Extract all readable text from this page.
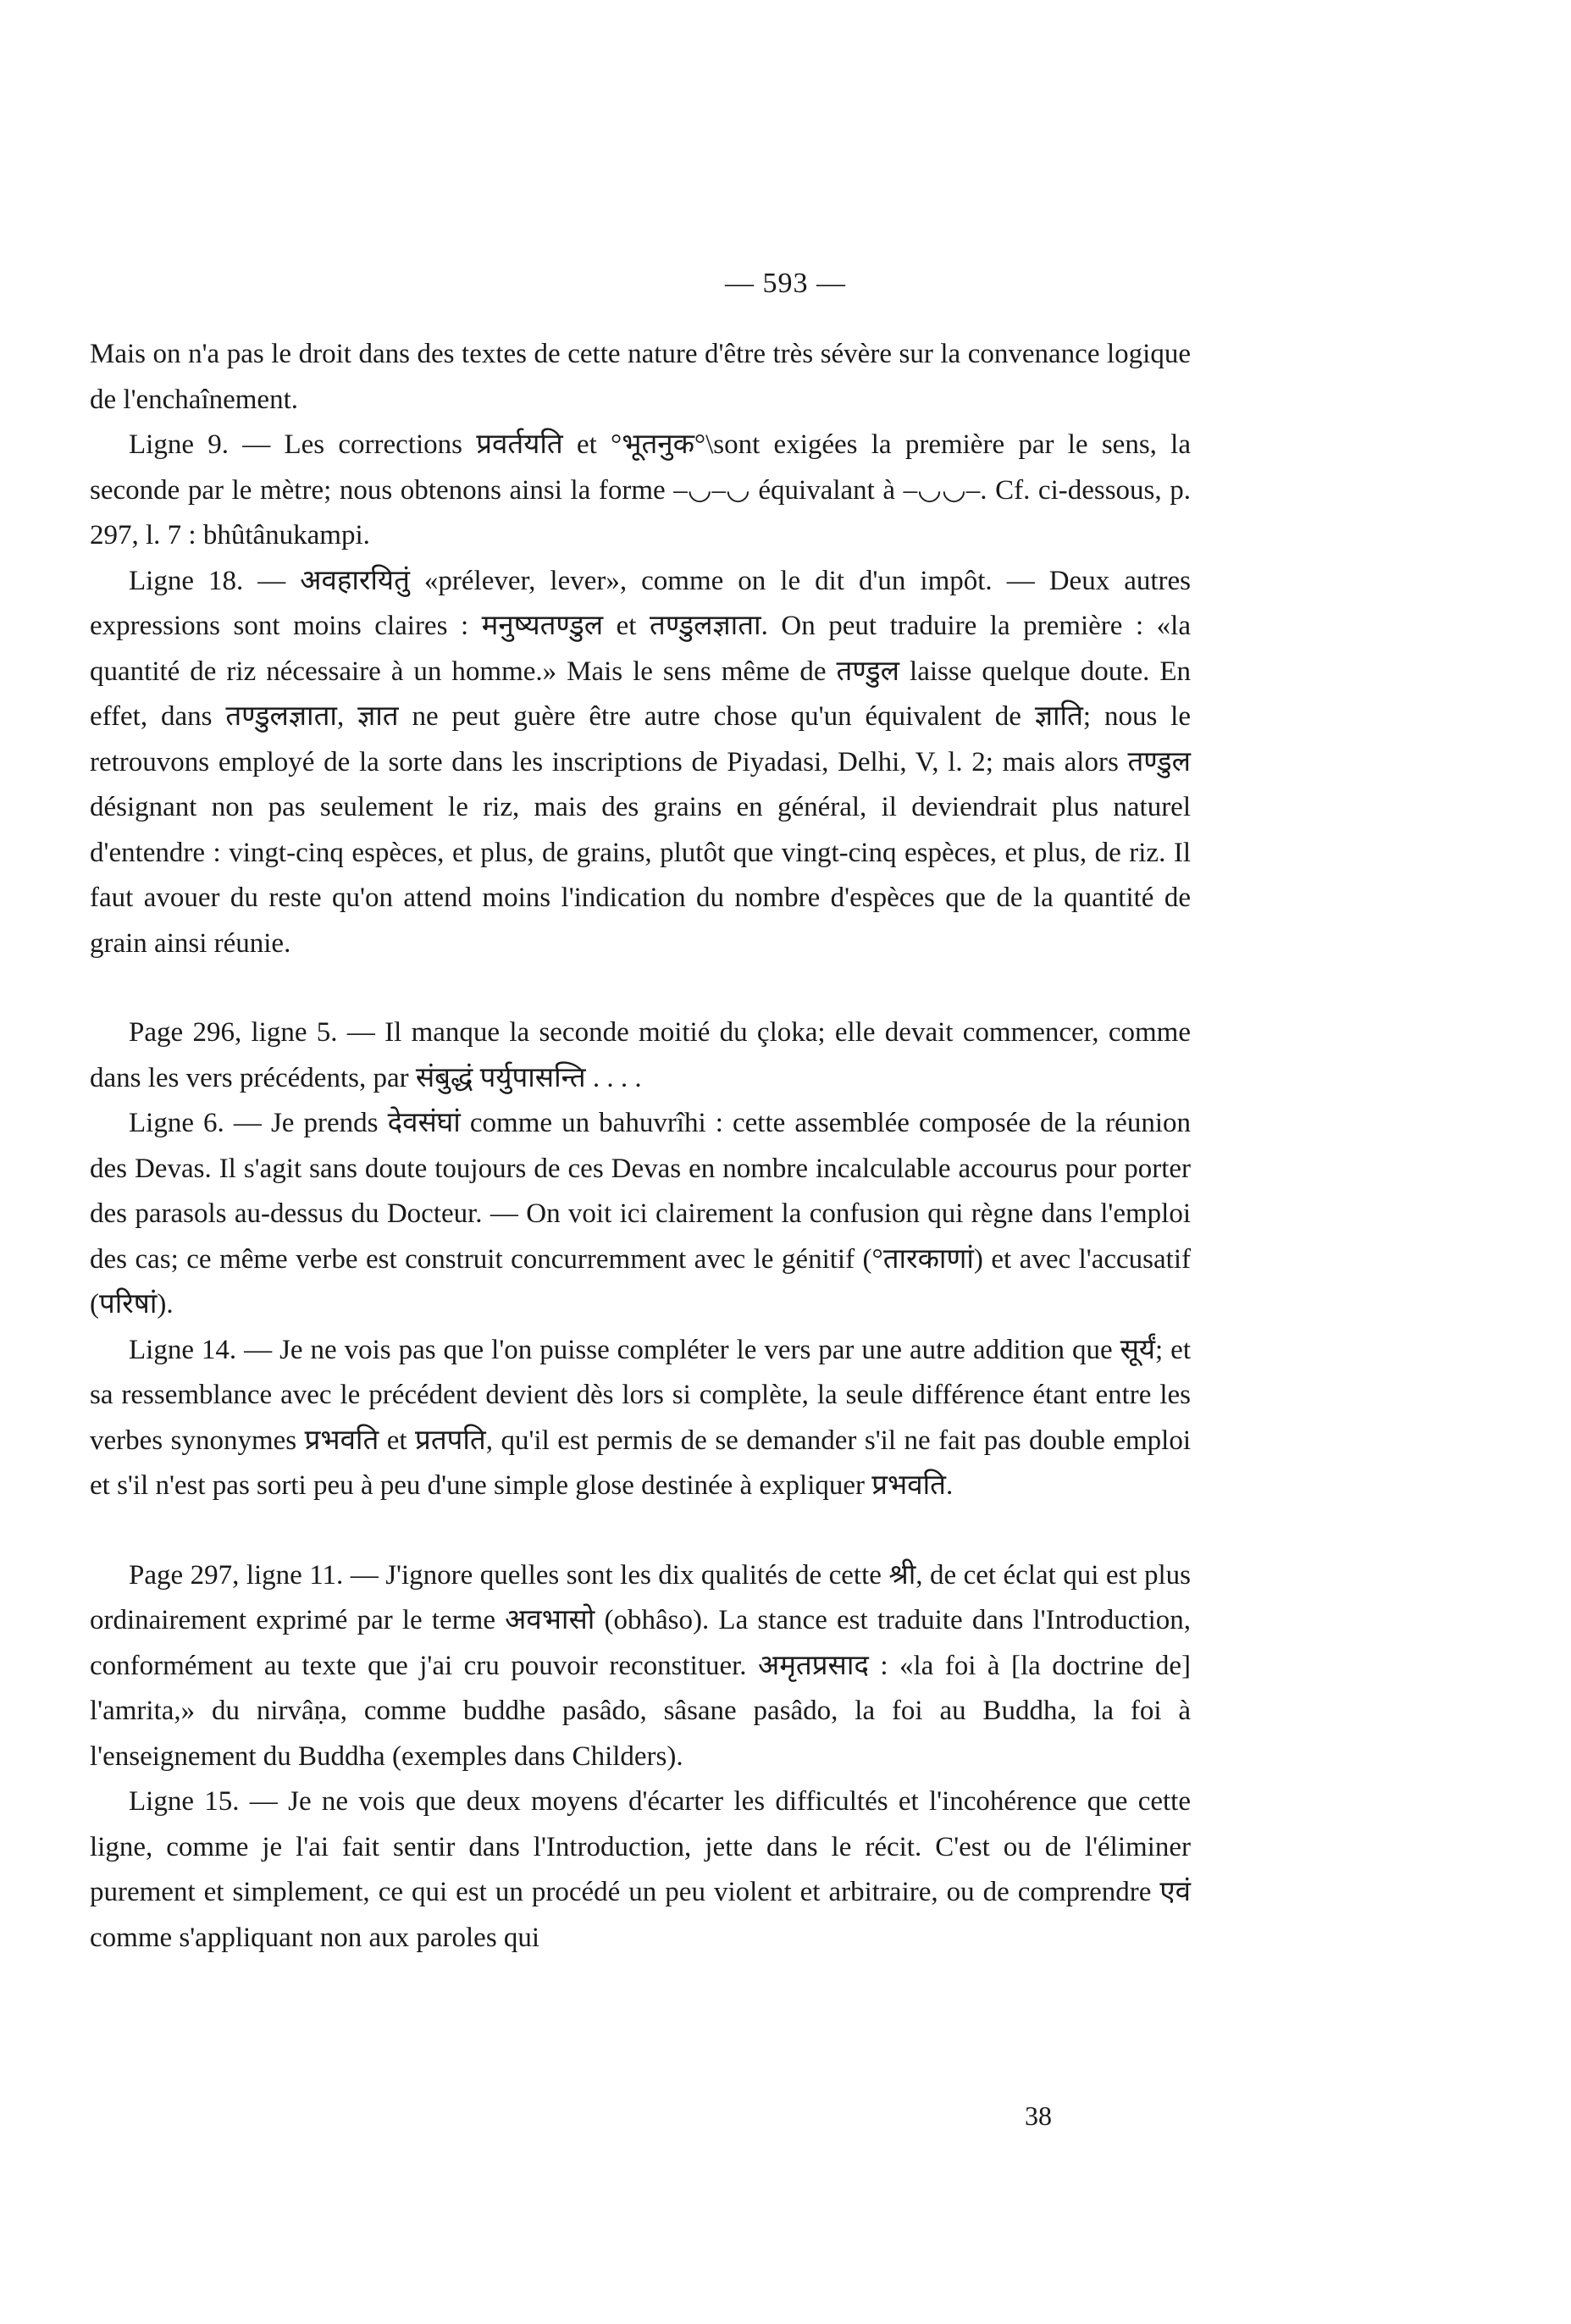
— 593 —

Mais on n'a pas le droit dans des textes de cette nature d'être très sévère sur la convenance logique de l'enchaînement.

Ligne 9. — Les corrections प्रवर्तयति et °भूतनुक°\sont exigées la première par le sens, la seconde par le mètre; nous obtenons ainsi la forme –◡–◡ équivalant à –◡◡–. Cf. ci-dessous, p. 297, l. 7 : bhûtânukampi.

Ligne 18. — अवहारयितुं «prélever, lever», comme on le dit d'un impôt. — Deux autres expressions sont moins claires : मनुष्यतण्डुल et तण्डुलज्ञाता. On peut traduire la première : «la quantité de riz nécessaire à un homme.» Mais le sens même de तण्डुल laisse quelque doute. En effet, dans तण्डुलज्ञाता, ज्ञात ne peut guère être autre chose qu'un équivalent de ज्ञाति; nous le retrouvons employé de la sorte dans les inscriptions de Piyadasi, Delhi, V, l. 2; mais alors तण्डुल désignant non pas seulement le riz, mais des grains en général, il deviendrait plus naturel d'entendre : vingt-cinq espèces, et plus, de grains, plutôt que vingt-cinq espèces, et plus, de riz. Il faut avouer du reste qu'on attend moins l'indication du nombre d'espèces que de la quantité de grain ainsi réunie.

Page 296, ligne 5. — Il manque la seconde moitié du çloka; elle devait commencer, comme dans les vers précédents, par संबुद्धं पर्युपासन्ति . . . .

Ligne 6. — Je prends देवसंघां comme un bahuvrîhi : cette assemblée composée de la réunion des Devas. Il s'agit sans doute toujours de ces Devas en nombre incalculable accourus pour porter des parasols au-dessus du Docteur. — On voit ici clairement la confusion qui règne dans l'emploi des cas; ce même verbe est construit concurremment avec le génitif (°तारकाणां) et avec l'accusatif (परिषां).

Ligne 14. — Je ne vois pas que l'on puisse compléter le vers par une autre addition que सूर्यं; et sa ressemblance avec le précédent devient dès lors si complète, la seule différence étant entre les verbes synonymes प्रभवति et प्रतपति, qu'il est permis de se demander s'il ne fait pas double emploi et s'il n'est pas sorti peu à peu d'une simple glose destinée à expliquer प्रभवति.

Page 297, ligne 11. — J'ignore quelles sont les dix qualités de cette श्री, de cet éclat qui est plus ordinairement exprimé par le terme अवभासो (obhâso). La stance est traduite dans l'Introduction, conformément au texte que j'ai cru pouvoir reconstituer. अमृतप्रसाद : «la foi à [la doctrine de] l'amrita,» du nirvâṇa, comme buddhe pasâdo, sâsane pasâdo, la foi au Buddha, la foi à l'enseignement du Buddha (exemples dans Childers).

Ligne 15. — Je ne vois que deux moyens d'écarter les difficultés et l'incohérence que cette ligne, comme je l'ai fait sentir dans l'Introduction, jette dans le récit. C'est ou de l'éliminer purement et simplement, ce qui est un procédé un peu violent et arbitraire, ou de comprendre एवं comme s'appliquant non aux paroles qui

38
